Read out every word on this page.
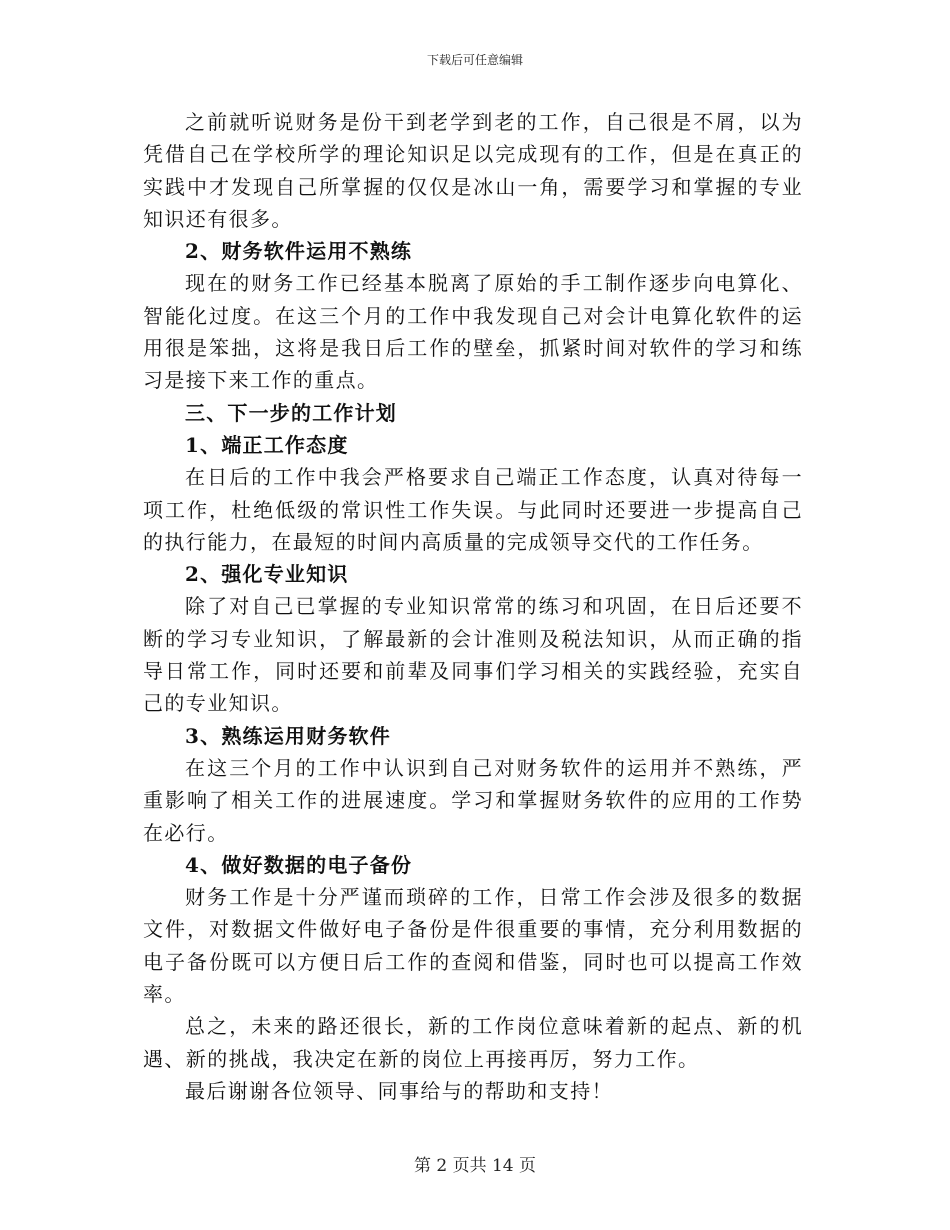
下载后可任意编辑

之前就听说财务是份干到老学到老的工作，自己很是不屑，以为凭借自己在学校所学的理论知识足以完成现有的工作，但是在真正的实践中才发现自己所掌握的仅仅是冰山一角，需要学习和掌握的专业知识还有很多。

2、财务软件运用不熟练

现在的财务工作已经基本脱离了原始的手工制作逐步向电算化、智能化过度。在这三个月的工作中我发现自己对会计电算化软件的运用很是笨拙，这将是我日后工作的壁垒，抓紧时间对软件的学习和练习是接下来工作的重点。

三、下一步的工作计划

1、端正工作态度

在日后的工作中我会严格要求自己端正工作态度，认真对待每一项工作，杜绝低级的常识性工作失误。与此同时还要进一步提高自己的执行能力，在最短的时间内高质量的完成领导交代的工作任务。

2、强化专业知识

除了对自己已掌握的专业知识常常的练习和巩固，在日后还要不断的学习专业知识，了解最新的会计准则及税法知识，从而正确的指导日常工作，同时还要和前辈及同事们学习相关的实践经验，充实自己的专业知识。

3、熟练运用财务软件

在这三个月的工作中认识到自己对财务软件的运用并不熟练，严重影响了相关工作的进展速度。学习和掌握财务软件的应用的工作势在必行。

4、做好数据的电子备份

财务工作是十分严谨而琐碎的工作，日常工作会涉及很多的数据文件，对数据文件做好电子备份是件很重要的事情，充分利用数据的电子备份既可以方便日后工作的查阅和借鉴，同时也可以提高工作效率。

总之，未来的路还很长，新的工作岗位意味着新的起点、新的机遇、新的挑战，我决定在新的岗位上再接再厉，努力工作。

最后谢谢各位领导、同事给与的帮助和支持！

第 2 页共 14 页
